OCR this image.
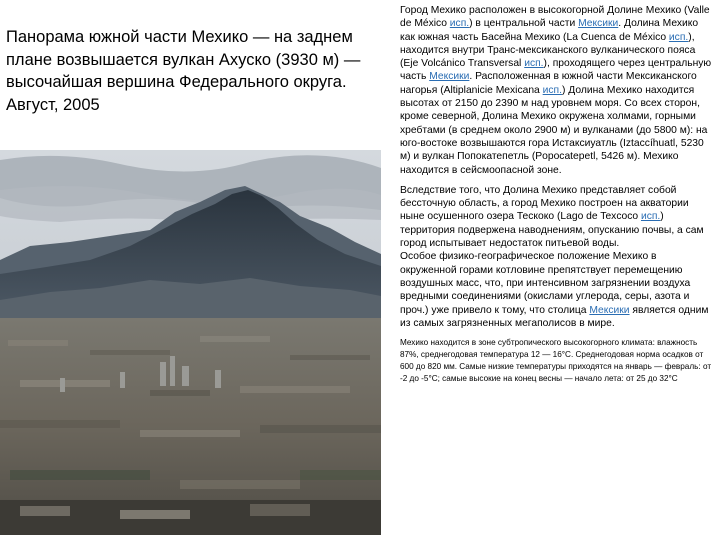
Панорама южной части Мехико — на заднем плане возвышается вулкан Ахуско (3930 м) — высочайшая вершина Федерального округа. Август, 2005

Город Мехико расположен в высокогорной Долине Мехико (Valle de México исп.) в центральной части Мексики. Долина Мехико как южная часть Басейна Мехико (La Cuenca de México исп.), находится внутри Транс-мексиканского вулканического пояса (Eje Volcánico Transversal исп.), проходящего через центральную часть Мексики. Расположенная в южной части Мексиканского нагорья (Altiplanicie Mexicana исп.) Долина Мехико находится высотах от 2150 до 2390 м над уровнем моря. Со всех сторон, кроме северной, Долина Мехико окружена холмами, горными хребтами (в среднем около 2900 м) и вулканами (до 5800 м): на юго-востоке возвышаются гора Истаксиуатль (Iztaccíhuatl, 5230 м) и вулкан Попокатепетль (Popocatepetl, 5426 м). Мехико находится в сейсмоопасной зоне.

Вследствие того, что Долина Мехико представляет собой бессточную область, а город Мехико построен на акватории ныне осушенного озера Тескоко (Lago de Texcoco исп.) территория подвержена наводнениям, опусканию почвы, а сам город испытывает недостаток питьевой воды.

Особое физико-географическое положение Мехико в окруженной горами котловине препятствует перемещению воздушных масс, что, при интенсивном загрязнении воздуха вредными соединениями (окислами углерода, серы, азота и проч.) уже привело к тому, что столица Мексики является одним из самых загрязненных мегаполисов в мире.

Мехико находится в зоне субтропического высокогорного климата: влажность 87%, среднегодовая температура 12 — 16°С. Среднегодовая норма осадков от 600 до 820 мм. Самые низкие температуры приходятся на январь — февраль: от -2 до -5°С; самые высокие на конец весны — начало лета: от 25 до 32°С
